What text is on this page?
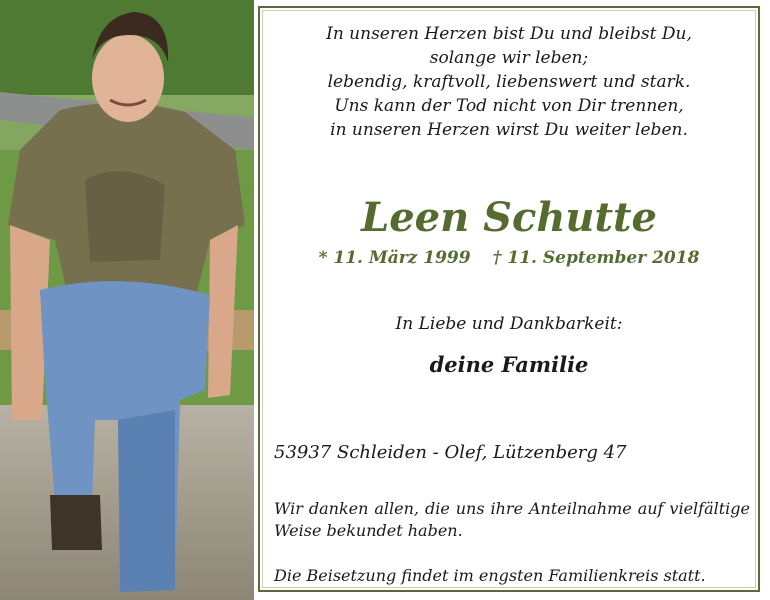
In unseren Herzen bist Du und bleibst Du,
solange wir leben;
lebendig, kraftvoll, liebenswert und stark.
Uns kann der Tod nicht von Dir trennen,
in unseren Herzen wirst Du weiter leben.
Leen Schutte
* 11. März 1999 † 11. September 2018
In Liebe und Dankbarkeit:
deine Familie
53937 Schleiden - Olef, Lützenberg 47
Wir danken allen, die uns ihre Anteilnahme auf vielfältige Weise bekundet haben.
Die Beisetzung findet im engsten Familienkreis statt.
